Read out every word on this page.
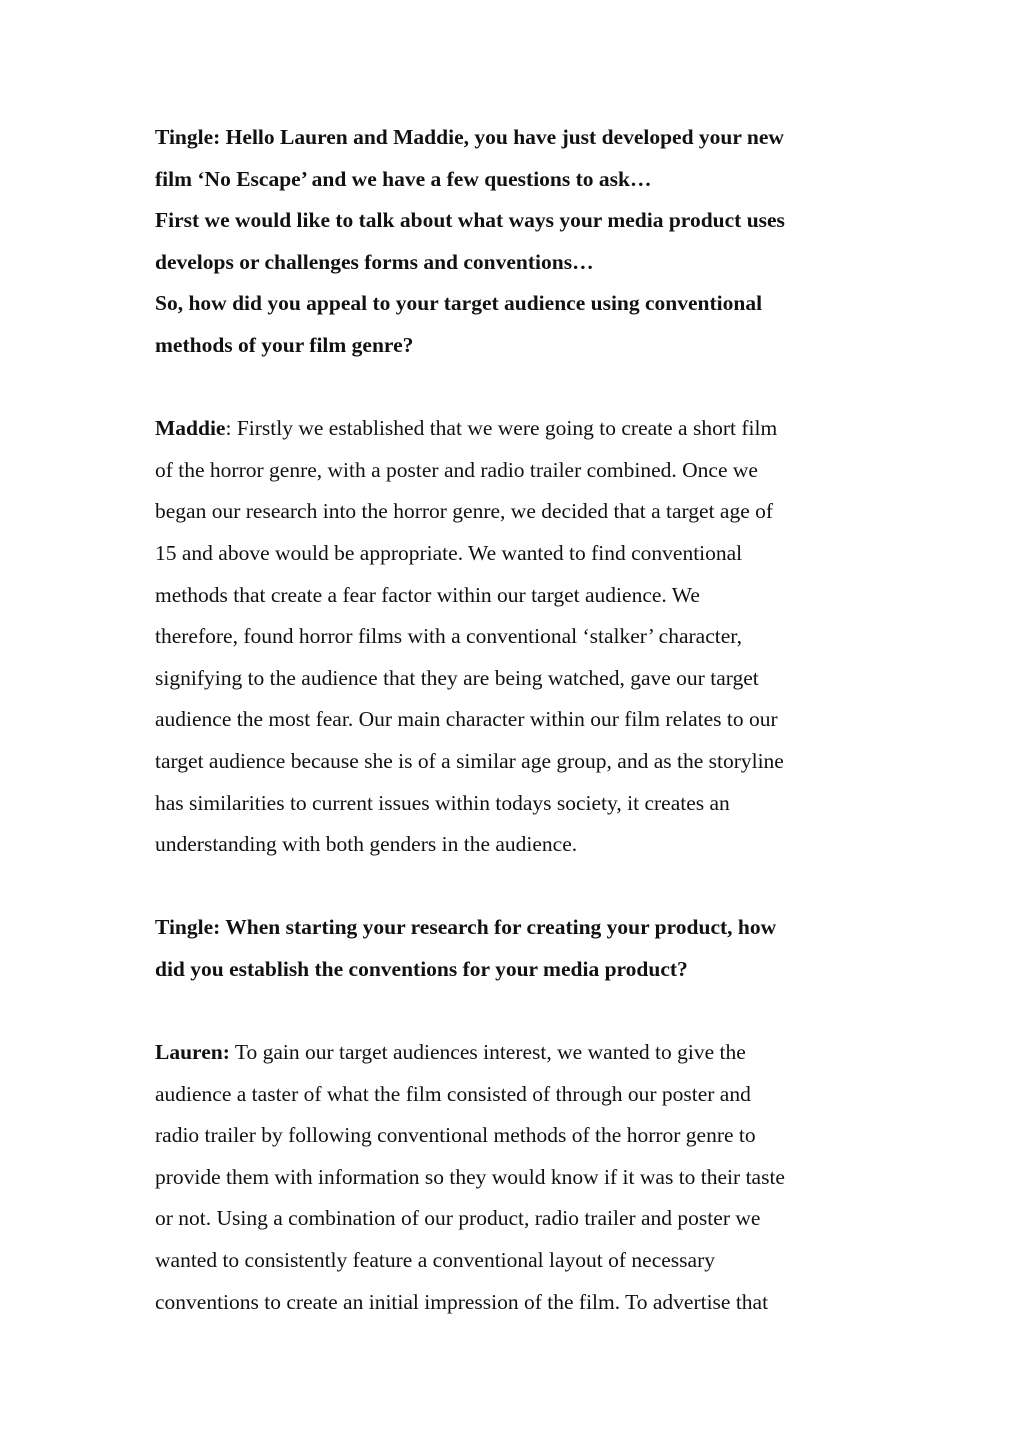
Tingle: Hello Lauren and Maddie, you have just developed your new
film ‘No Escape’ and we have a few questions to ask…
First we would like to talk about what ways your media product uses
develops or challenges forms and conventions…
So, how did you appeal to your target audience using conventional
methods of your film genre?
Maddie: Firstly we established that we were going to create a short film
of the horror genre, with a poster and radio trailer combined. Once we
began our research into the horror genre, we decided that a target age of
15 and above would be appropriate. We wanted to find conventional
methods that create a fear factor within our target audience. We
therefore, found horror films with a conventional ‘stalker’ character,
signifying to the audience that they are being watched, gave our target
audience the most fear. Our main character within our film relates to our
target audience because she is of a similar age group, and as the storyline
has similarities to current issues within todays society, it creates an
understanding with both genders in the audience.
Tingle: When starting your research for creating your product, how
did you establish the conventions for your media product?
Lauren: To gain our target audiences interest, we wanted to give the
audience a taster of what the film consisted of through our poster and
radio trailer by following conventional methods of the horror genre to
provide them with information so they would know if it was to their taste
or not. Using a combination of our product, radio trailer and poster we
wanted to consistently feature a conventional layout of necessary
conventions to create an initial impression of the film. To advertise that
